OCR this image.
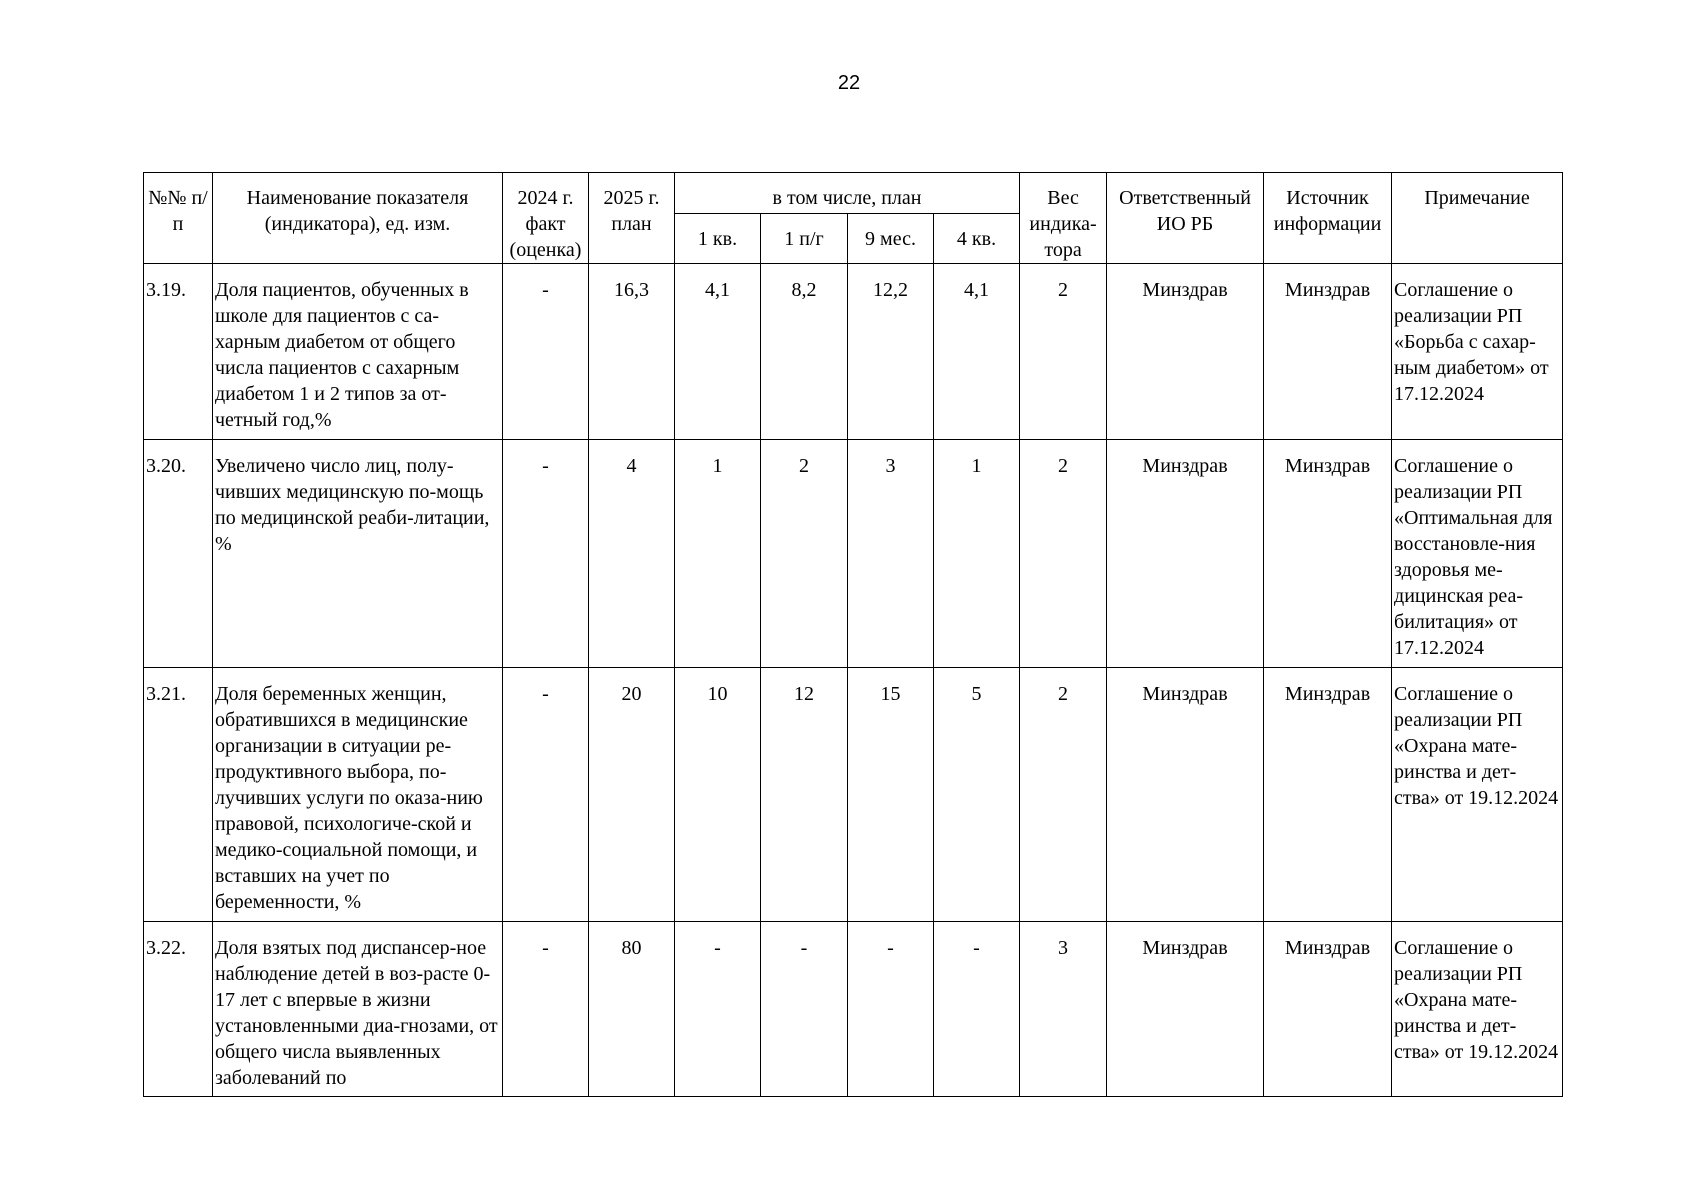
22
№№ п/п	Наименование показателя (индикатора), ед. изм.	2024 г. факт (оценка)	2025 г. план	в том числе, план				Вес индика-тора	Ответственный ИО РБ	Источник информации	Примечание
				1 кв.	1 п/г	9 мес.	4 кв.				
3.19.	Доля пациентов, обученных в школе для пациентов с са-харным диабетом от общего числа пациентов с сахарным диабетом 1 и 2 типов за от-четный год,%	-	16,3	4,1	8,2	12,2	4,1	2	Минздрав	Минздрав	Соглашение о реализации РП «Борьба с сахар-ным диабетом» от 17.12.2024
3.20.	Увеличено число лиц, полу-чивших медицинскую по-мощь по медицинской реаби-литации, %	-	4	1	2	3	1	2	Минздрав	Минздрав	Соглашение о реализации РП «Оптимальная для восстановле-ния здоровья ме-дицинская реа-билитация» от 17.12.2024
3.21.	Доля беременных женщин, обратившихся в медицинские организации в ситуации ре-продуктивного выбора, по-лучивших услуги по оказа-нию правовой, психологиче-ской и медико-социальной помощи, и вставших на учет по беременности, %	-	20	10	12	15	5	2	Минздрав	Минздрав	Соглашение о реализации РП «Охрана мате-ринства и дет-ства» от 19.12.2024
3.22.	Доля взятых под диспансер-ное наблюдение детей в воз-расте 0-17 лет с впервые в жизни установленными диа-гнозами, от общего числа выявленных заболеваний по	-	80	-	-	-	-	3	Минздрав	Минздрав	Соглашение о реализации РП «Охрана мате-ринства и дет-ства» от 19.12.2024
